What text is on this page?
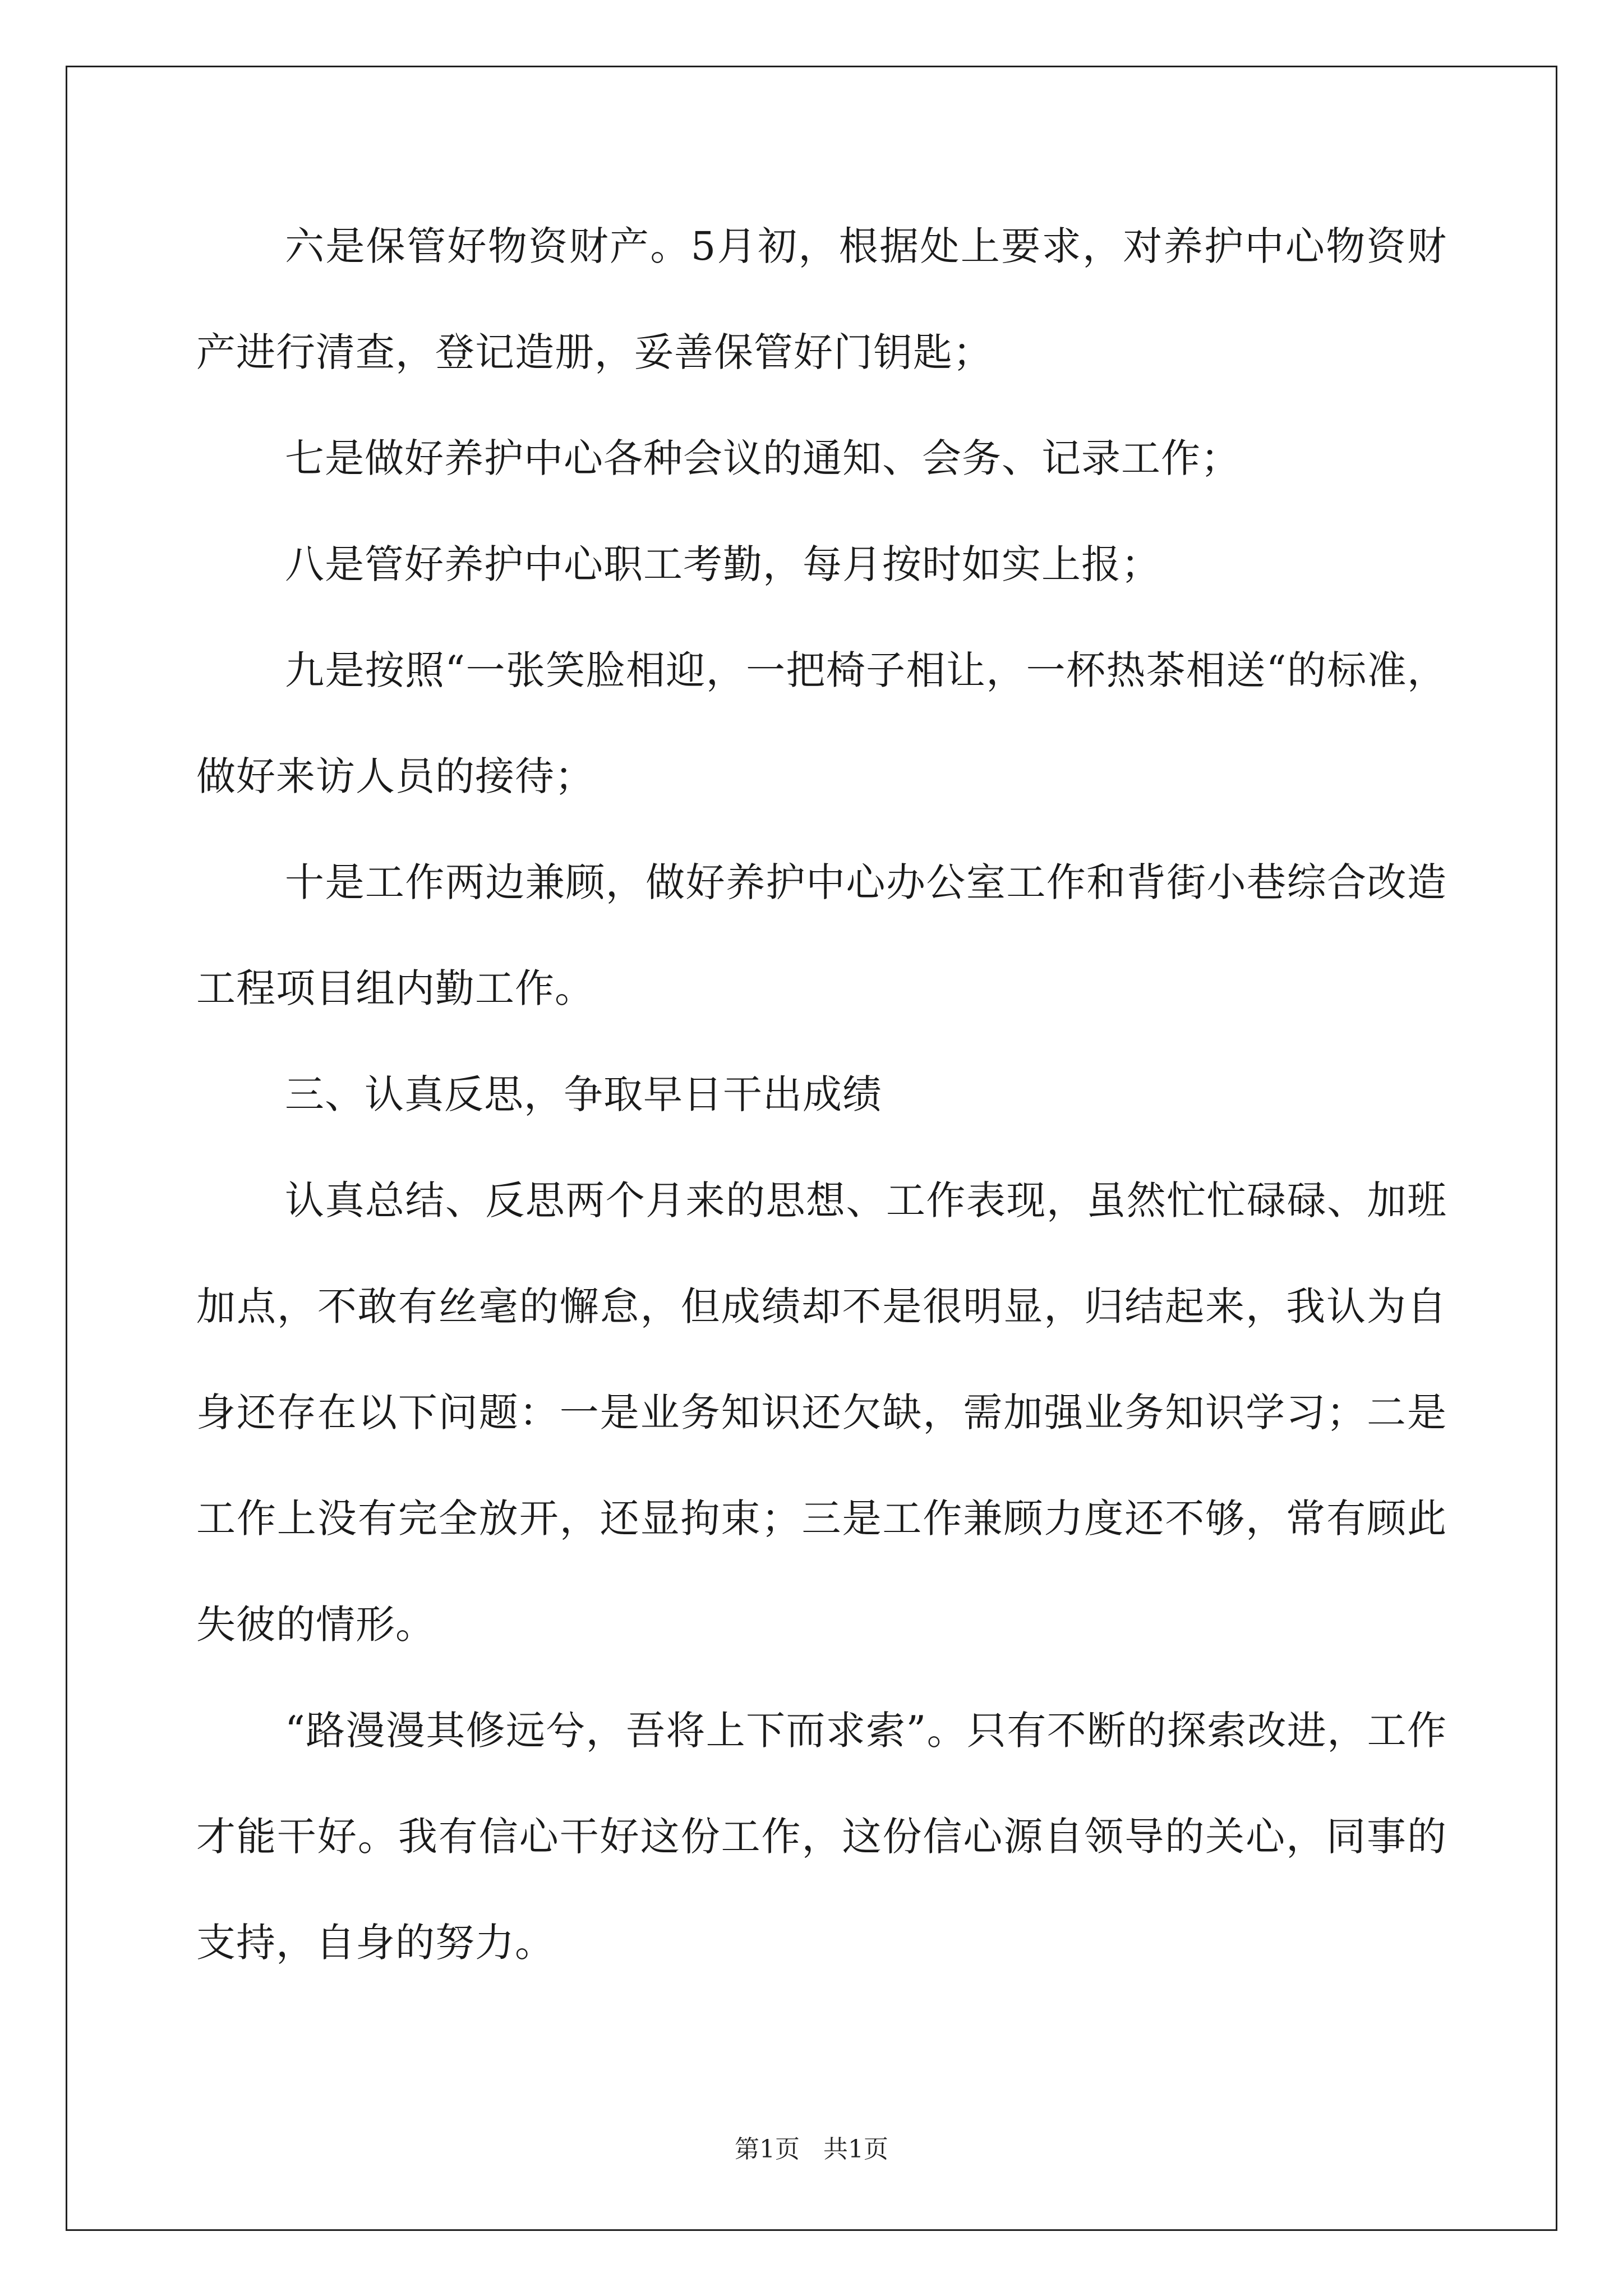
六是保管好物资财产。5月初，根据处上要求，对养护中心物资财产进行清查，登记造册，妥善保管好门钥匙；

七是做好养护中心各种会议的通知、会务、记录工作；

八是管好养护中心职工考勤，每月按时如实上报；

九是按照“一张笑脸相迎，一把椅子相让，一杯热茶相送“的标准，做好来访人员的接待；

十是工作两边兼顾，做好养护中心办公室工作和背街小巷综合改造工程项目组内勤工作。

三、认真反思，争取早日干出成绩

认真总结、反思两个月来的思想、工作表现，虽然忙忙碌碌、加班加点，不敢有丝毫的懈怠，但成绩却不是很明显，归结起来，我认为自身还存在以下问题：一是业务知识还欠缺，需加强业务知识学习；二是工作上没有完全放开，还显拘束；三是工作兼顾力度还不够，常有顾此失彼的情形。

“路漫漫其修远兮，吾将上下而求索”。只有不断的探索改进，工作才能干好。我有信心干好这份工作，这份信心源自领导的关心，同事的支持，自身的努力。

第1页 共1页
